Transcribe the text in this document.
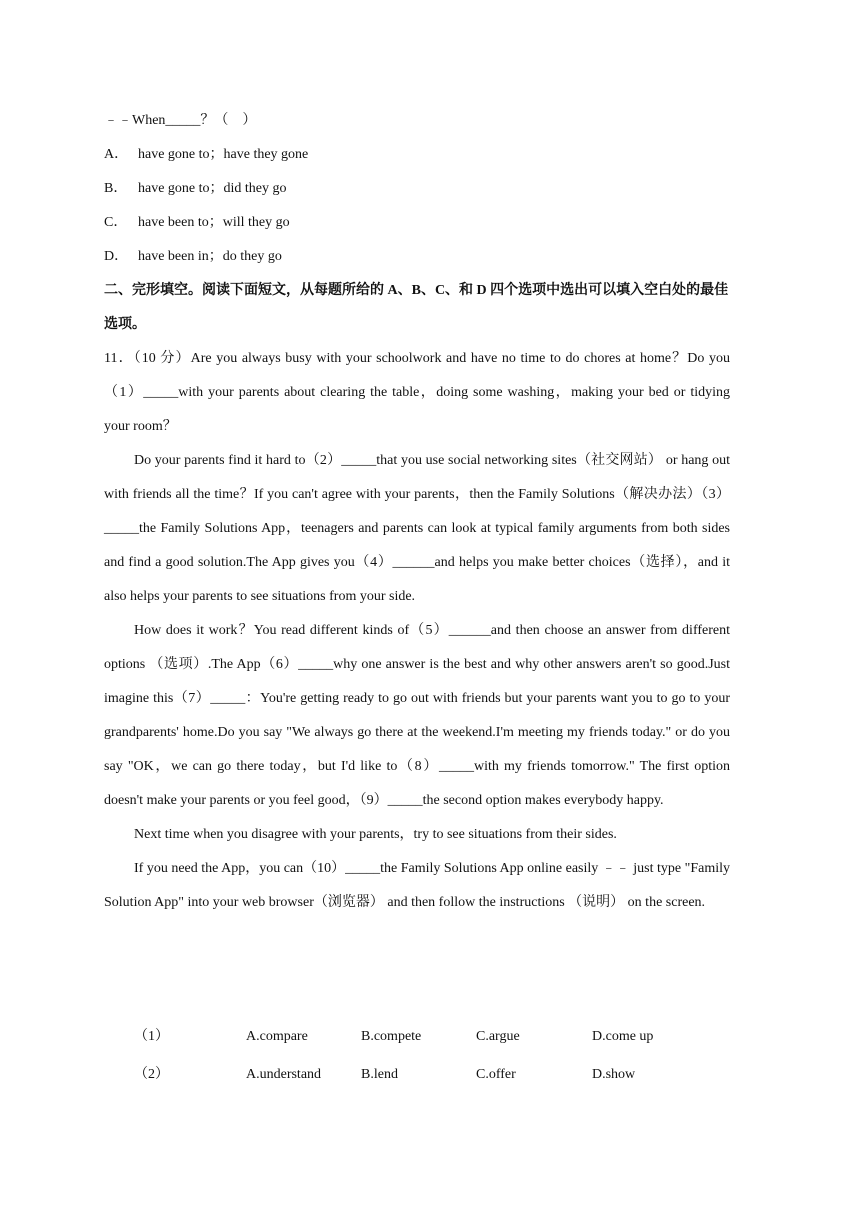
﹣﹣When_____？（　）
A． have gone to；have they gone
B． have gone to；did they go
C． have been to；will they go
D． have been in；do they go
二、完形填空。阅读下面短文，从每题所给的 A、B、C、和 D 四个选项中选出可以填入空白处的最佳选项。
11．（10 分）Are you always busy with your schoolwork and have no time to do chores at home？Do you（1）_____with your parents about clearing the table，doing some washing，making your bed or tidying your room？
Do your parents find it hard to（2）_____that you use social networking sites（社交网站） or hang out with friends all the time？If you can't agree with your parents，then the Family Solutions（解决办法）（3）_____the Family Solutions App，teenagers and parents can look at typical family arguments from both sides and find a good solution.The App gives you（4）______and helps you make better choices（选择），and it also helps your parents to see situations from your side.
How does it work？You read different kinds of（5）______and then choose an answer from different options （选项）.The App（6）_____why one answer is the best and why other answers aren't so good.Just imagine this（7）_____：You're getting ready to go out with friends but your parents want you to go to your grandparents' home.Do you say "We always go there at the weekend.I'm meeting my friends today." or do you say "OK，we can go there today，but I'd like to（8）_____with my friends tomorrow." The first option doesn't make your parents or you feel good，（9）_____the second option makes everybody happy.
Next time when you disagree with your parents，try to see situations from their sides.
If you need the App，you can（10）_____the Family Solutions App online easily ﹣﹣ just type "Family Solution App" into your web browser（浏览器） and then follow the instructions （说明） on the screen.
（1）	A.compare	B.compete	C.argue	D.come up
（2）	A.understand	B.lend	C.offer	D.show
